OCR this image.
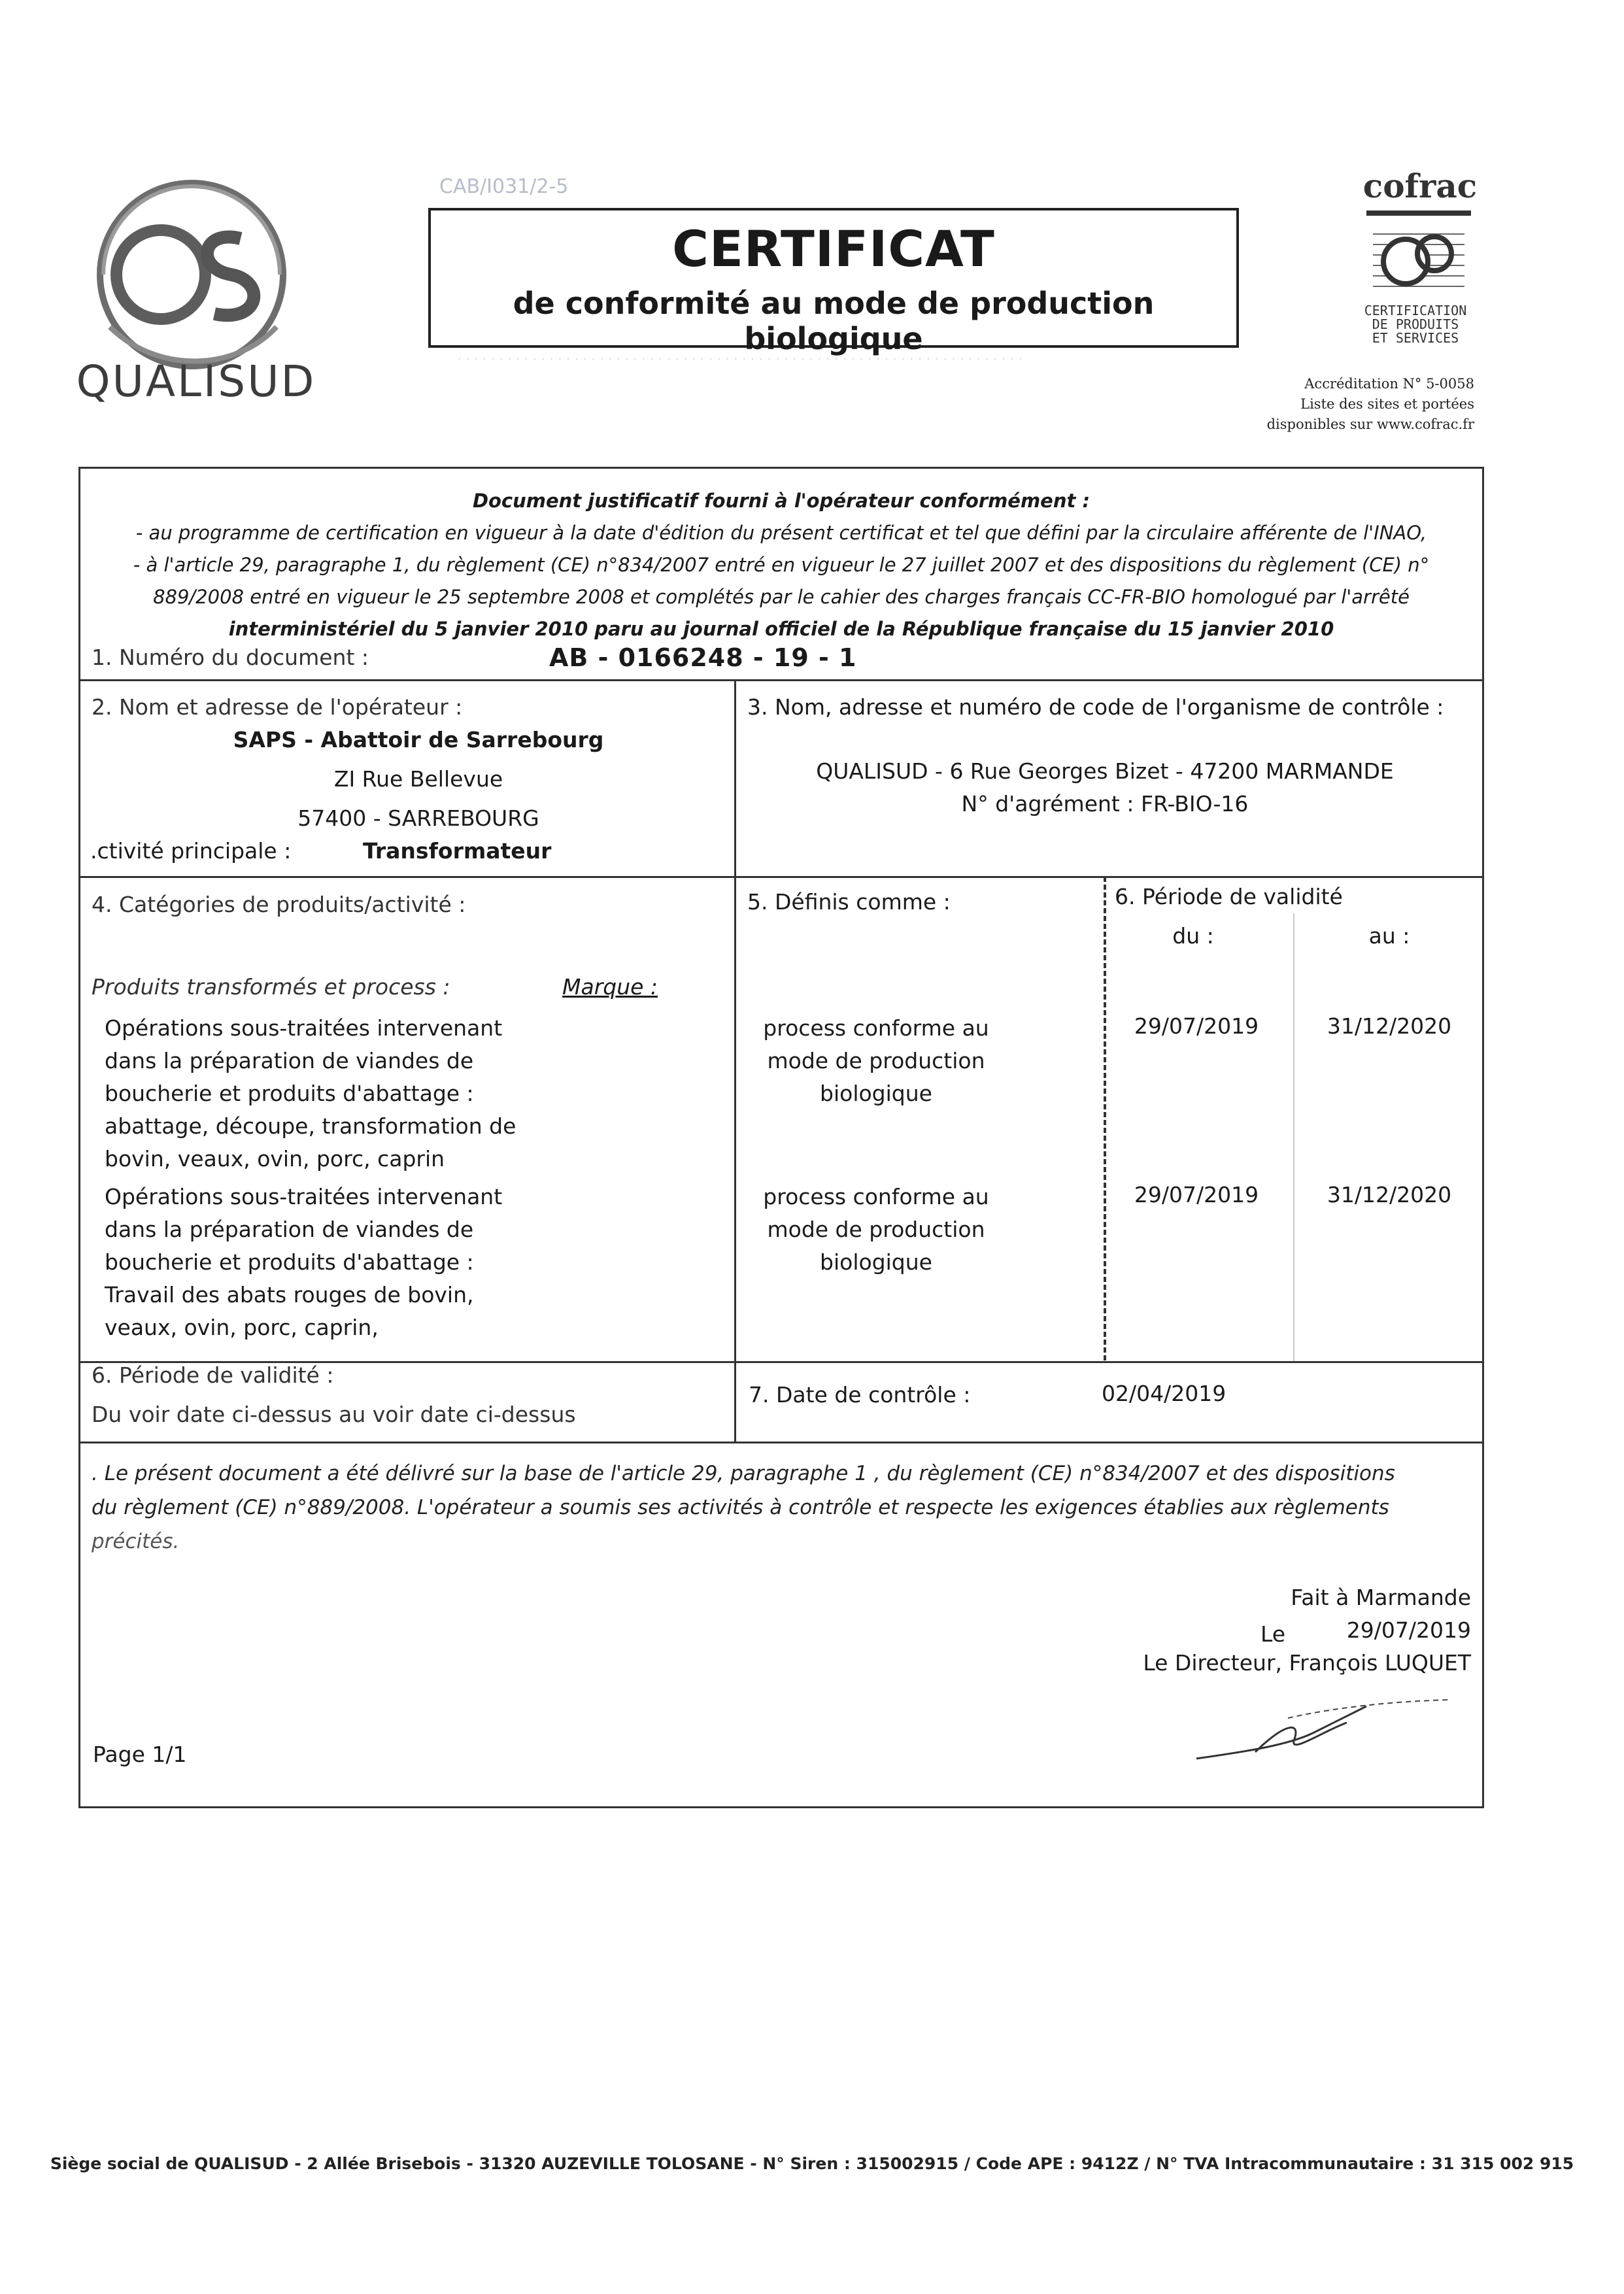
QUALISUD
CAB/I031/2-5
CERTIFICAT
de conformité au mode de production biologique
· · · · · · · · · · · · · · · · · · · · · · · · · · · · · · · · · · · · · · · · · · · · · · · · · · · · · · · · · · · · · · · · · · · ·
cofrac
CERTIFICATION
DE PRODUITS
ET SERVICES
Accréditation N° 5-0058
Liste des sites et portées
disponibles sur www.cofrac.fr
Document justificatif fourni à l'opérateur conformément :
- au programme de certification en vigueur à la date d'édition du présent certificat et tel que défini par la circulaire afférente de l'INAO,
- à l'article 29, paragraphe 1, du règlement (CE) n°834/2007 entré en vigueur le 27 juillet 2007 et des dispositions du règlement (CE) n°
889/2008 entré en vigueur le 25 septembre 2008 et complétés par le cahier des charges français CC-FR-BIO homologué par l'arrêté
interministériel du 5 janvier 2010 paru au journal officiel de la République française du 15 janvier 2010
1. Numéro du document :	AB - 0166248 - 19 - 1
2. Nom et adresse de l'opérateur :
SAPS - Abattoir de Sarrebourg
ZI Rue Bellevue
57400 - SARREBOURG
.ctivité principale :	Transformateur
3. Nom, adresse et numéro de code de l'organisme de contrôle :
QUALISUD - 6 Rue Georges Bizet - 47200 MARMANDE
N° d'agrément : FR-BIO-16
4. Catégories de produits/activité :	5. Définis comme :	6. Période de validité
du :	au :
Produits transformés et process :	Marque :
Opérations sous-traitées intervenant dans la préparation de viandes de boucherie et produits d'abattage : abattage, découpe, transformation de bovin, veaux, ovin, porc, caprin
process conforme au mode de production biologique
29/07/2019	31/12/2020
Opérations sous-traitées intervenant dans la préparation de viandes de boucherie et produits d'abattage : Travail des abats rouges de bovin, veaux, ovin, porc, caprin,
process conforme au mode de production biologique
29/07/2019	31/12/2020
6. Période de validité :
Du voir date ci-dessus au voir date ci-dessus
7. Date de contrôle :	02/04/2019
. Le présent document a été délivré sur la base de l'article 29, paragraphe 1 , du règlement (CE) n°834/2007 et des dispositions
du règlement (CE) n°889/2008. L'opérateur a soumis ses activités à contrôle et respecte les exigences établies aux règlements
précités.
Fait à Marmande
Le	29/07/2019
Le Directeur, François LUQUET
Page 1/1
Siège social de QUALISUD - 2 Allée Brisebois - 31320 AUZEVILLE TOLOSANE - N° Siren : 315002915 / Code APE : 9412Z / N° TVA Intracommunautaire : 31 315 002 915
